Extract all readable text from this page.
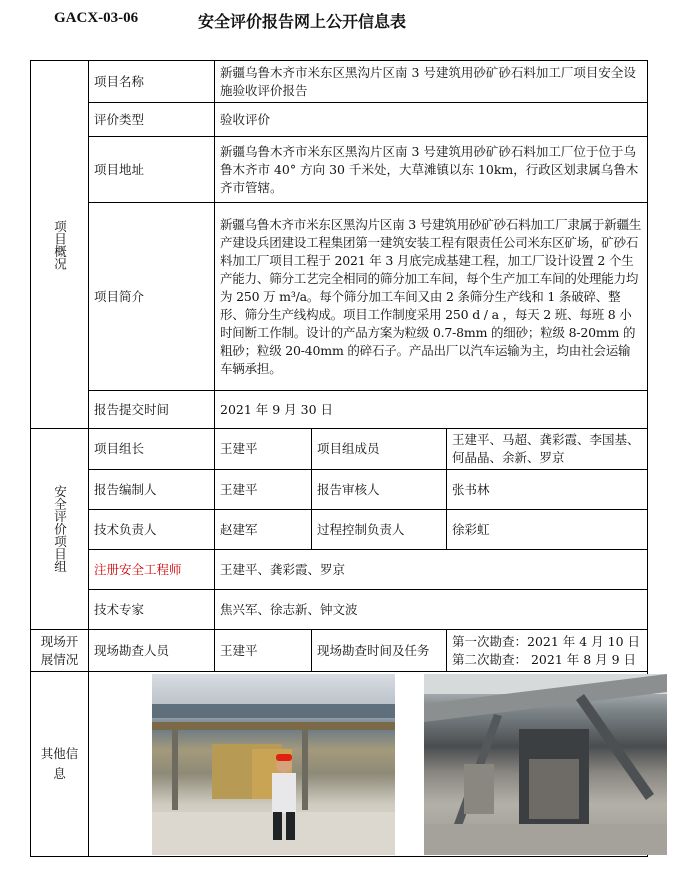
GACX-03-06	安全评价报告网上公开信息表
项目概况	项目名称	新疆乌鲁木齐市米东区黑沟片区南 3 号建筑用砂矿砂石料加工厂项目安全设施验收评价报告		
	评价类型	验收评价		
	项目地址	新疆乌鲁木齐市米东区黑沟片区南 3 号建筑用砂矿砂石料加工厂位于位于乌鲁木齐市 40° 方向 30 千米处，大草滩镇以东 10km，行政区划隶属乌鲁木齐市管辖。		
	项目简介	新疆乌鲁木齐市米东区黑沟片区南 3 号建筑用砂矿砂石料加工厂隶属于新疆生产建设兵团建设工程集团第一建筑安装工程有限责任公司米东区矿场，矿砂石料加工厂项目工程于 2021 年 3 月底完成基建工程，加工厂设计设置 2 个生产能力、筛分工艺完全相同的筛分加工车间，每个生产加工车间的处理能力均为 250 万 m³/a。每个筛分加工车间又由 2 条筛分生产线和 1 条破碎、整形、筛分生产线构成。项目工作制度采用 250 d / a ，每天 2 班、每班 8 小时间断工作制。设计的产品方案为粒级 0.7-8mm 的细砂；粒级 8-20mm 的粗砂；粒级 20-40mm 的碎石子。产品出厂以汽车运输为主，均由社会运输车辆承担。		
	报告提交时间	2021 年 9 月 30 日		

安全评价项目组	项目组长	王建平	项目组成员	王建平、马超、龚彩霞、李国基、何晶晶、余新、罗京
	报告编制人	王建平	报告审核人	张书林
	技术负责人	赵建军	过程控制负责人	徐彩虹
	注册安全工程师	王建平、龚彩霞、罗京		
	技术专家	焦兴军、徐志新、钟文波		
现场开展情况	现场勘查人员	王建平	现场勘查时间及任务	第一次勘查：2021 年 4 月 10 日
第二次勘查： 2021 年 8 月 9 日

其他信息
